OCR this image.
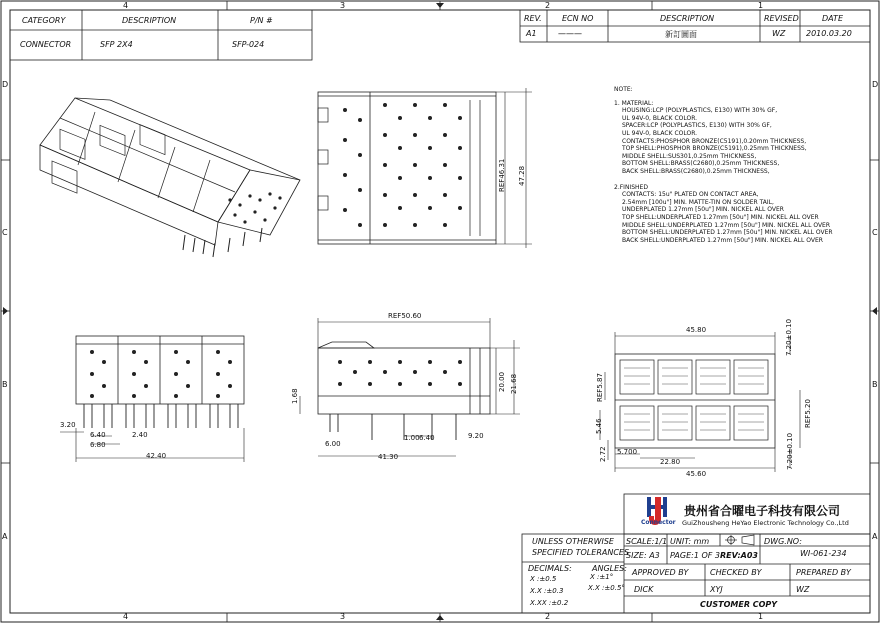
4	3	2	1
4	3	2	1
D
C
B
A
D
C
B
A
CATEGORY	DESCRIPTION	P/N #
CONNECTOR	SFP 2X4	SFP-024
REV.	ECN NO	DESCRIPTION	REVISED	DATE
A1	———	新訂圖面	WZ	2010.03.20
NOTE:
1. MATERIAL:
HOUSING:LCP (POLYPLASTICS, E130) WITH 30% GF,
UL 94V-0, BLACK COLOR.
SPACER:LCP (POLYPLASTICS, E130) WITH 30% GF,
UL 94V-0, BLACK COLOR.
CONTACTS:PHOSPHOR BRONZE(C5191),0.20mm THICKNESS,
TOP SHELL:PHOSPHOR BRONZE(C5191),0.25mm THICKNESS,
MIDDLE SHELL:SUS301,0.25mm THICKNESS,
BOTTOM SHELL:BRASS(C2680),0.25mm THICKNESS,
BACK SHELL:BRASS(C2680),0.25mm THICKNESS,
2.FINISHED
CONTACTS: 15u" PLATED ON CONTACT AREA,
2.54mm [100u"] MIN. MATTE-TIN ON SOLDER TAIL,
UNDERPLATED 1.27mm [50u"] MIN. NICKEL ALL OVER
TOP SHELL:UNDERPLATED 1.27mm [50u"] MIN. NICKEL ALL OVER
MIDDLE SHELL:UNDERPLATED 1.27mm [50u"] MIN. NICKEL ALL OVER
BOTTOM SHELL:UNDERPLATED 1.27mm [50u"] MIN. NICKEL ALL OVER
BACK SHELL:UNDERPLATED 1.27mm [50u"] MIN. NICKEL ALL OVER
REF46.31 47.28
REF50.60
1.68
20.00 21.68
6.00
1.00 6.40	9.20
41.30
3.20
6.40	2.40
6.80
42.40
45.80	7.20±0.10
REF5.87
REF5.20
5.46
2.72 5.700
22.80	7.20±0.10
45.60
Connector
贵州省合曜电子科技有限公司
GuiZhousheng HeYao Electronic Technology Co.,Ltd
UNLESS OTHERWISE
SPECIFIED TOLERANCES
DECIMALS:	ANGLES:
X :±0.5
X.X :±0.3
X.XX :±0.2
X :±1°
X.X :±0.5°
SCALE:1/1 UNIT: mm	DWG.NO:
SIZE: A3 PAGE:1 OF 3 REV:A03	WI-061-234
APPROVED BY	CHECKED BY	PREPARED BY
DICK	XYJ	WZ
CUSTOMER COPY
